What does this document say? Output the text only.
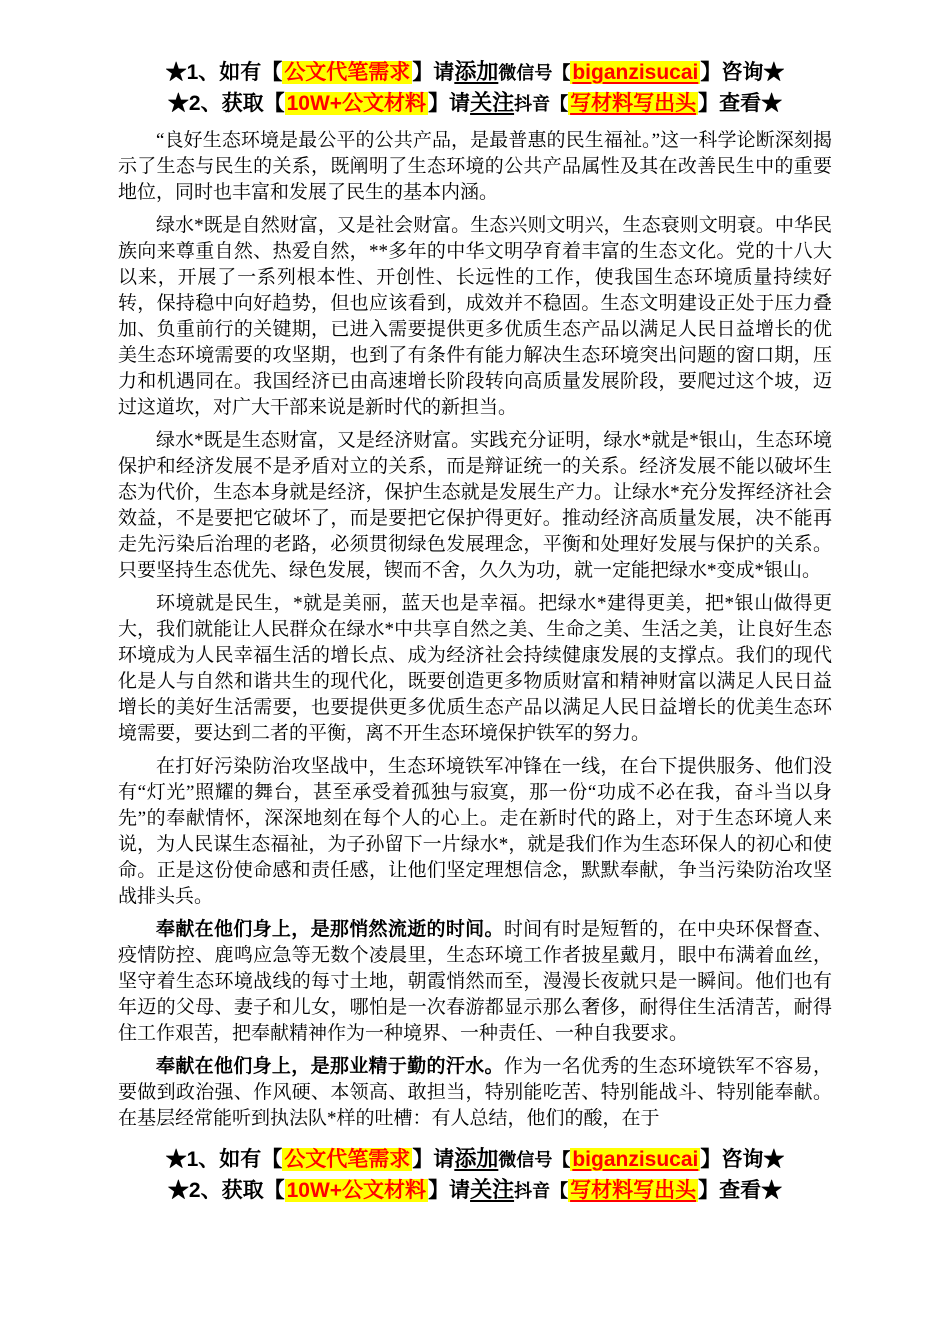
★1、如有【公文代笔需求】请添加微信号【biganzisucai】咨询★
★2、获取【10W+公文材料】请关注抖音【写材料写出头】查看★

“良好生态环境是最公平的公共产品，是最普惠的民生福祉。”这一科学论断深刻揭示了生态与民生的关系，既阐明了生态环境的公共产品属性及其在改善民生中的重要地位，同时也丰富和发展了民生的基本内涵。

绿水*既是自然财富，又是社会财富。生态兴则文明兴，生态衰则文明衰。中华民族向来尊重自然、热爱自然，**多年的中华文明孕育着丰富的生态文化。党的十八大以来，开展了一系列根本性、开创性、长远性的工作，使我国生态环境质量持续好转，保持稳中向好趋势，但也应该看到，成效并不稳固。生态文明建设正处于压力叠加、负重前行的关键期，已进入需要提供更多优质生态产品以满足人民日益增长的优美生态环境需要的攻坚期，也到了有条件有能力解决生态环境突出问题的窗口期，压力和机遇同在。我国经济已由高速增长阶段转向高质量发展阶段，要爬过这个坡，迈过这道坎，对广大干部来说是新时代的新担当。

绿水*既是生态财富，又是经济财富。实践充分证明，绿水*就是*银山，生态环境保护和经济发展不是矛盾对立的关系，而是辩证统一的关系。经济发展不能以破坏生态为代价，生态本身就是经济，保护生态就是发展生产力。让绿水*充分发挥经济社会效益，不是要把它破坏了，而是要把它保护得更好。推动经济高质量发展，决不能再走先污染后治理的老路，必须贯彻绿色发展理念，平衡和处理好发展与保护的关系。只要坚持生态优先、绿色发展，锲而不舍，久久为功，就一定能把绿水*变成*银山。

环境就是民生，*就是美丽，蓝天也是幸福。把绿水*建得更美，把*银山做得更大，我们就能让人民群众在绿水*中共享自然之美、生命之美、生活之美，让良好生态环境成为人民幸福生活的增长点、成为经济社会持续健康发展的支撑点。我们的现代化是人与自然和谐共生的现代化，既要创造更多物质财富和精神财富以满足人民日益增长的美好生活需要，也要提供更多优质生态产品以满足人民日益增长的优美生态环境需要，要达到二者的平衡，离不开生态环境保护铁军的努力。

在打好污染防治攻坚战中，生态环境铁军冲锋在一线，在台下提供服务、他们没有“灯光”照耀的舞台，甚至承受着孤独与寂寞，那一份“功成不必在我，奋斗当以身先”的奉献情怀，深深地刻在每个人的心上。走在新时代的路上，对于生态环境人来说，为人民谋生态福祉，为子孙留下一片绿水*，就是我们作为生态环保人的初心和使命。正是这份使命感和责任感，让他们坚定理想信念，默默奉献，争当污染防治攻坚战排头兵。

奉献在他们身上，是那悄然流逝的时间。时间有时是短暂的，在中央环保督查、疫情防控、鹿鸣应急等无数个凌晨里，生态环境工作者披星戴月，眼中布满着血丝，坚守着生态环境战线的每寸土地，朝霞悄然而至，漫漫长夜就只是一瞬间。他们也有年迈的父母、妻子和儿女，哪怕是一次春游都显示那么奢侈，耐得住生活清苦，耐得住工作艰苦，把奉献精神作为一种境界、一种责任、一种自我要求。

奉献在他们身上，是那业精于勤的汗水。作为一名优秀的生态环境铁军不容易，要做到政治强、作风硬、本领高、敢担当，特别能吃苦、特别能战斗、特别能奉献。在基层经常能听到执法队*样的吐槽：有人总结，他们的酸，在于

★1、如有【公文代笔需求】请添加微信号【biganzisucai】咨询★
★2、获取【10W+公文材料】请关注抖音【写材料写出头】查看★
